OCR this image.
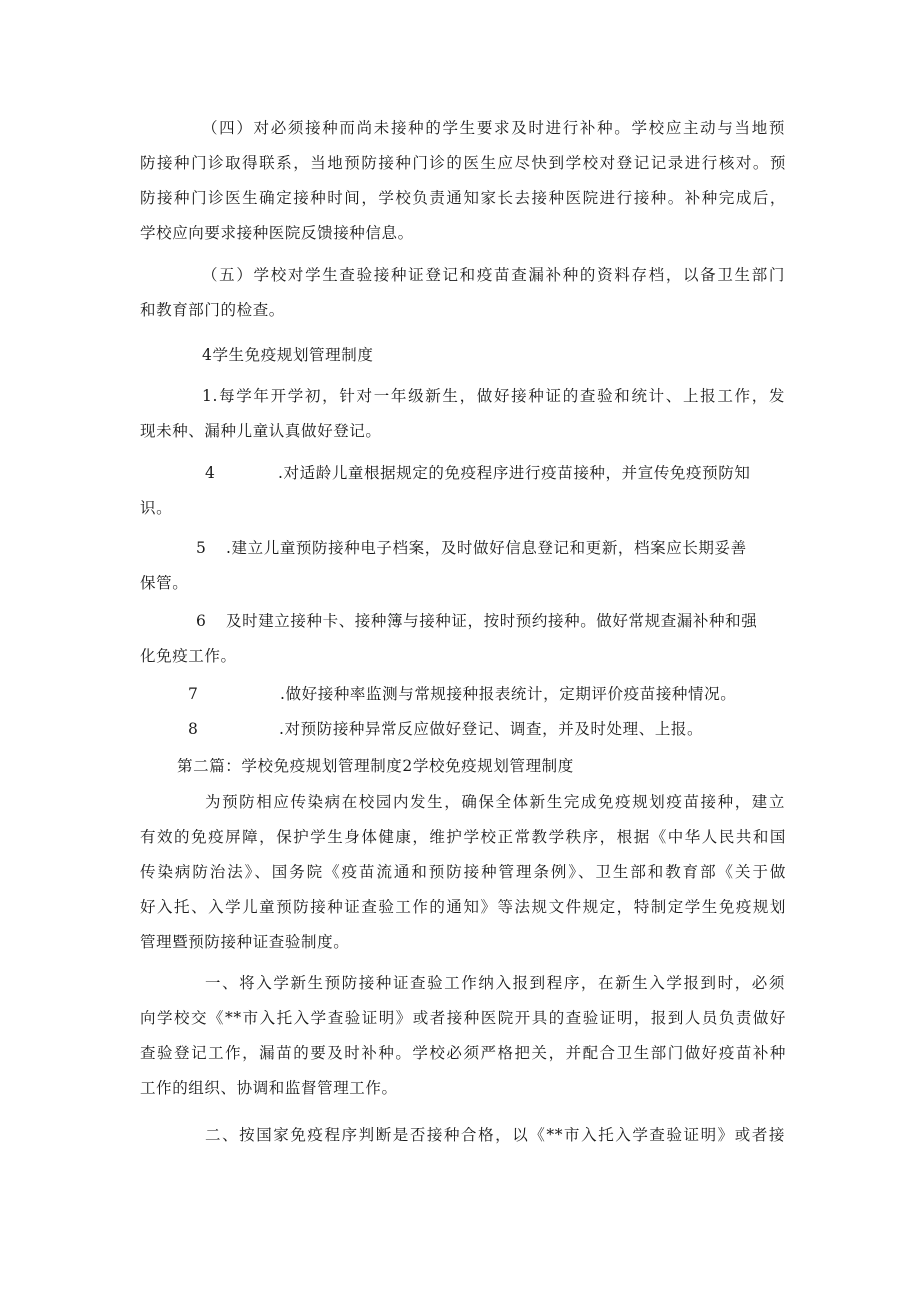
（四）对必须接种而尚未接种的学生要求及时进行补种。学校应主动与当地预
防接种门诊取得联系，当地预防接种门诊的医生应尽快到学校对登记记录进行核对。预
防接种门诊医生确定接种时间，学校负责通知家长去接种医院进行接种。补种完成后，
学校应向要求接种医院反馈接种信息。
（五）学校对学生查验接种证登记和疫苗查漏补种的资料存档，以备卫生部门
和教育部门的检查。
4学生免疫规划管理制度
1.每学年开学初，针对一年级新生，做好接种证的查验和统计、上报工作，发
现未种、漏种儿童认真做好登记。
4	.对适龄儿童根据规定的免疫程序进行疫苗接种，并宣传免疫预防知
识。
5 .建立儿童预防接种电子档案，及时做好信息登记和更新，档案应长期妥善
保管。
6 及时建立接种卡、接种簿与接种证，按时预约接种。做好常规查漏补种和强
化免疫工作。
7	.做好接种率监测与常规接种报表统计，定期评价疫苗接种情况。
8	.对预防接种异常反应做好登记、调查，并及时处理、上报。
第二篇：学校免疫规划管理制度2学校免疫规划管理制度
为预防相应传染病在校园内发生，确保全体新生完成免疫规划疫苗接种，建立
有效的免疫屏障，保护学生身体健康，维护学校正常教学秩序，根据《中华人民共和国
传染病防治法》、国务院《疫苗流通和预防接种管理条例》、卫生部和教育部《关于做
好入托、入学儿童预防接种证查验工作的通知》等法规文件规定，特制定学生免疫规划
管理暨预防接种证查验制度。
一、将入学新生预防接种证查验工作纳入报到程序，在新生入学报到时，必须
向学校交《**市入托入学查验证明》或者接种医院开具的查验证明，报到人员负责做好
查验登记工作，漏苗的要及时补种。学校必须严格把关，并配合卫生部门做好疫苗补种
工作的组织、协调和监督管理工作。
二、按国家免疫程序判断是否接种合格，以《**市入托入学查验证明》或者接
